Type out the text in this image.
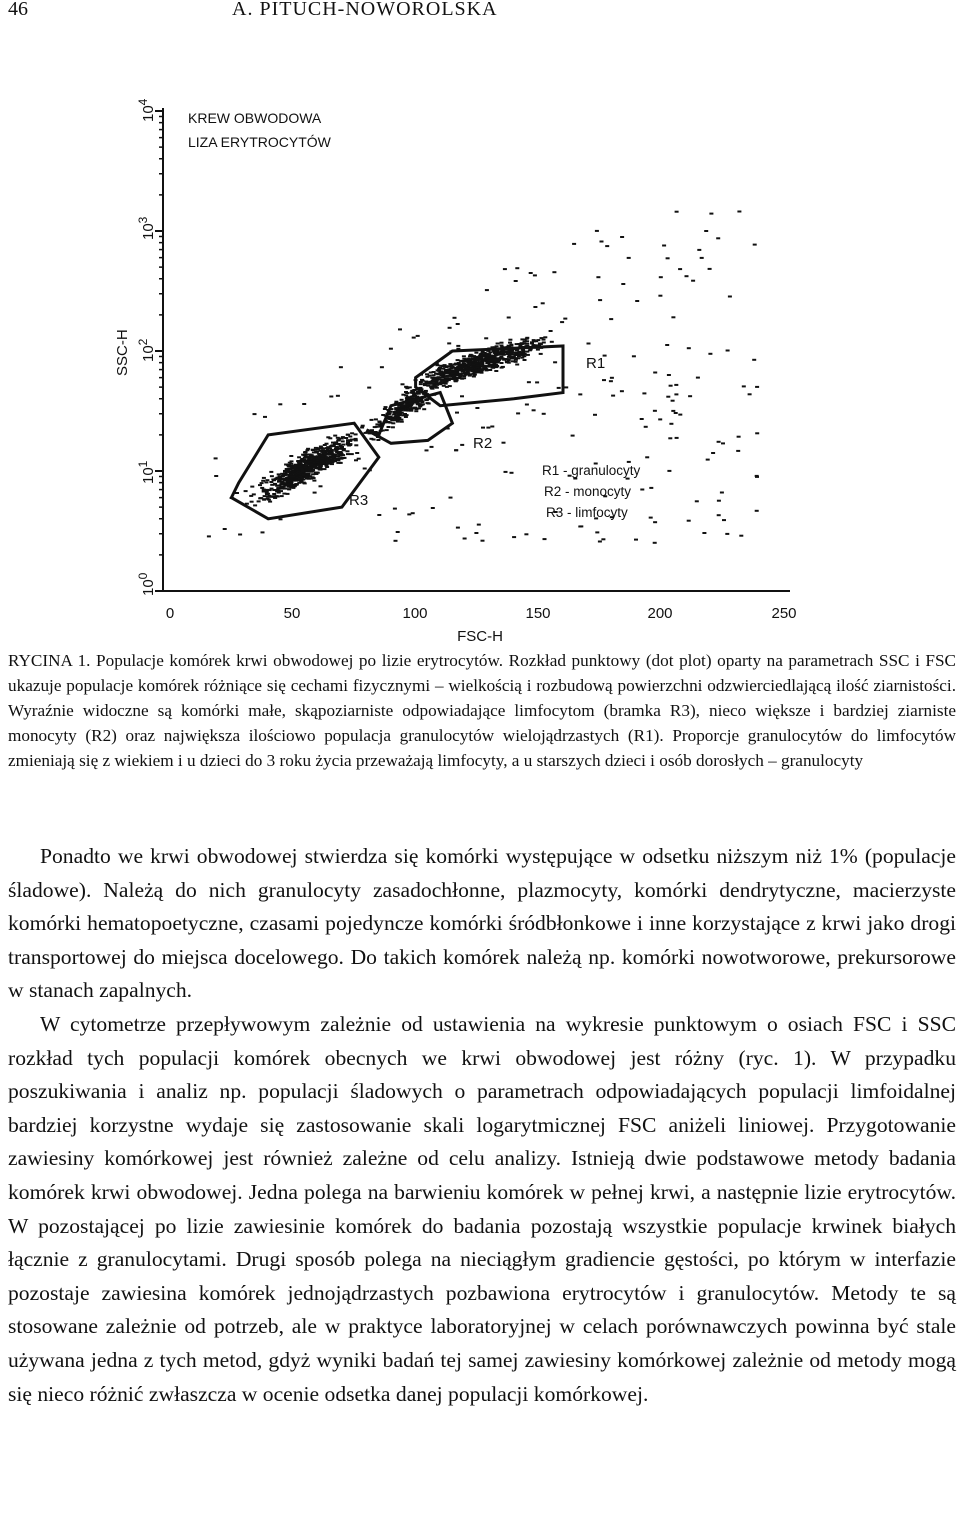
46	A. PITUCH-NOWOROLSKA
$10^0$
$10^1$
$10^2$
$10^3$
$10^4$
SSC-H
0	50	100	150	200	250
FSC-H
KREW OBWODOWA
LIZA ERYTROCYTÓW
R1
R2
R3
R1 - granulocyty
R2 - monocyty
R3 - limfocyty

RYCINA 1. Populacje komórek krwi obwodowej po lizie erytrocytów. Rozkład punktowy (dot plot) oparty na parametrach SSC i FSC ukazuje populacje komórek różniące się cechami fizycznymi – wielkością i rozbudową powierzchni odzwierciedlającą ilość ziarnistości. Wyraźnie widoczne są komórki małe, skąpoziarniste odpowiadające limfocytom (bramka R3), nieco większe i bardziej ziarniste monocyty (R2) oraz największa ilościowo populacja granulocytów wielojądrzastych (R1). Proporcje granulocytów do limfocytów zmieniają się z wiekiem i u dzieci do 3 roku życia przeważają limfocyty, a u starszych dzieci i osób dorosłych – granulocyty

Ponadto we krwi obwodowej stwierdza się komórki występujące w odsetku niższym niż 1% (populacje śladowe). Należą do nich granulocyty zasadochłonne, plazmocyty, komórki dendrytyczne, macierzyste komórki hematopoetyczne, czasami pojedyncze komórki śródbłonkowe i inne korzystające z krwi jako drogi transportowej do miejsca docelowego. Do takich komórek należą np. komórki nowotworowe, prekursorowe w stanach zapalnych.

W cytometrze przepływowym zależnie od ustawienia na wykresie punktowym o osiach FSC i SSC rozkład tych populacji komórek obecnych we krwi obwodowej jest różny (ryc. 1). W przypadku poszukiwania i analiz np. populacji śladowych o parametrach odpowiadających populacji limfoidalnej bardziej korzystne wydaje się zastosowanie skali logarytmicznej FSC aniżeli liniowej. Przygotowanie zawiesiny komórkowej jest również zależne od celu analizy. Istnieją dwie podstawowe metody badania komórek krwi obwodowej. Jedna polega na barwieniu komórek w pełnej krwi, a następnie lizie erytrocytów. W pozostającej po lizie zawiesinie komórek do badania pozostają wszystkie populacje krwinek białych łącznie z granulocytami. Drugi sposób polega na nieciągłym gradiencie gęstości, po którym w interfazie pozostaje zawiesina komórek jednojądrzastych pozbawiona erytrocytów i granulocytów. Metody te są stosowane zależnie od potrzeb, ale w praktyce laboratoryjnej w celach porównawczych powinna być stale używana jedna z tych metod, gdyż wyniki badań tej samej zawiesiny komórkowej zależnie od metody mogą się nieco różnić zwłaszcza w ocenie odsetka danej populacji komórkowej.
